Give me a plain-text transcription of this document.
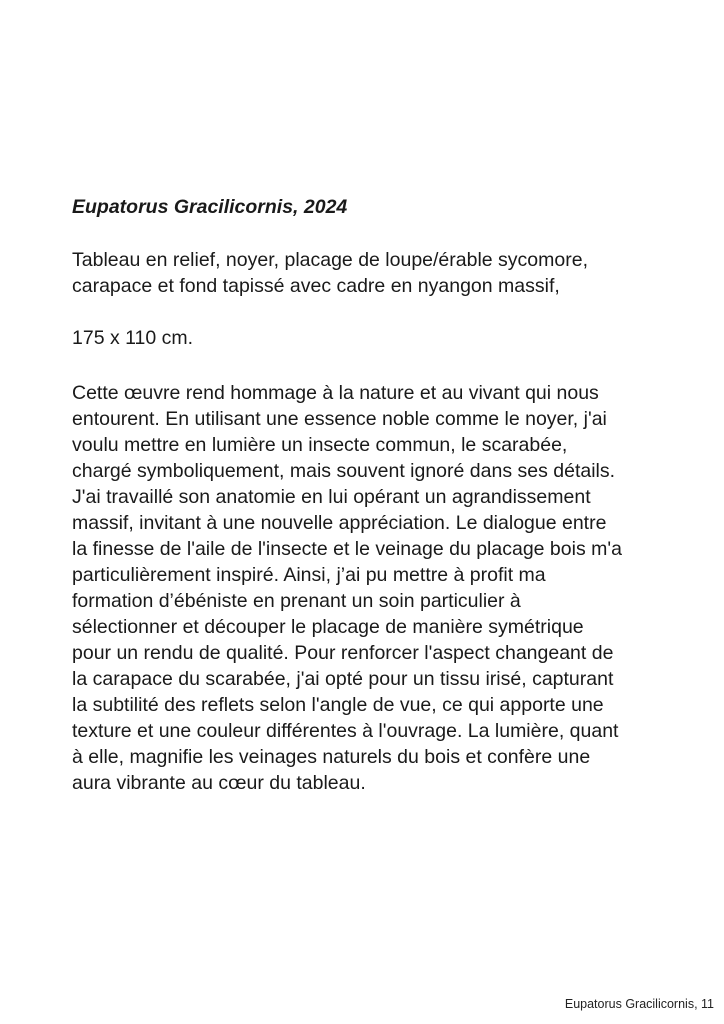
Eupatorus Gracilicornis, 2024
Tableau en relief, noyer, placage de loupe/érable sycomore,
carapace et fond tapissé avec cadre en nyangon massif,
175 x 110 cm.
Cette œuvre rend hommage à la nature et au vivant qui nous
entourent. En utilisant une essence noble comme le noyer, j'ai
voulu mettre en lumière un insecte commun, le scarabée,
chargé symboliquement, mais souvent ignoré dans ses détails.
J'ai travaillé son anatomie en lui opérant un agrandissement
massif, invitant à une nouvelle appréciation. Le dialogue entre
la finesse de l'aile de l'insecte et le veinage du placage bois m'a
particulièrement inspiré. Ainsi, j’ai pu mettre à profit ma
formation d’ébéniste en prenant un soin particulier à
sélectionner et découper le placage de manière symétrique
pour un rendu de qualité. Pour renforcer l'aspect changeant de
la carapace du scarabée, j'ai opté pour un tissu irisé, capturant
la subtilité des reflets selon l'angle de vue, ce qui apporte une
texture et une couleur différentes à l'ouvrage. La lumière, quant
à elle, magnifie les veinages naturels du bois et confère une
aura vibrante au cœur du tableau.
Eupatorus Gracilicornis, 11
